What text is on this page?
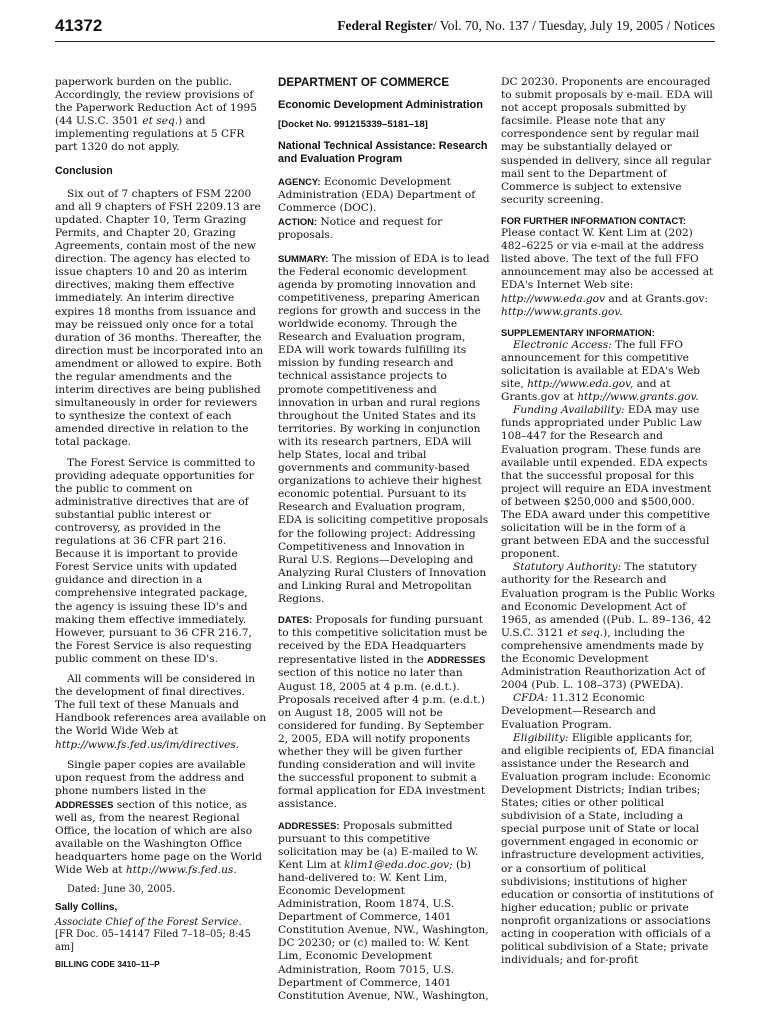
41372	Federal Register/ Vol. 70, No. 137 / Tuesday, July 19, 2005 / Notices

paperwork burden on the public. Accordingly, the review provisions of the Paperwork Reduction Act of 1995 (44 U.S.C. 3501 et seq.) and implementing regulations at 5 CFR part 1320 do not apply.

Conclusion

Six out of 7 chapters of FSM 2200 and all 9 chapters of FSH 2209.13 are updated. Chapter 10, Term Grazing Permits, and Chapter 20, Grazing Agreements, contain most of the new direction. The agency has elected to issue chapters 10 and 20 as interim directives, making them effective immediately. An interim directive expires 18 months from issuance and may be reissued only once for a total duration of 36 months. Thereafter, the direction must be incorporated into an amendment or allowed to expire. Both the regular amendments and the interim directives are being published simultaneously in order for reviewers to synthesize the context of each amended directive in relation to the total package.

The Forest Service is committed to providing adequate opportunities for the public to comment on administrative directives that are of substantial public interest or controversy, as provided in the regulations at 36 CFR part 216. Because it is important to provide Forest Service units with updated guidance and direction in a comprehensive integrated package, the agency is issuing these ID's and making them effective immediately. However, pursuant to 36 CFR 216.7, the Forest Service is also requesting public comment on these ID's.

All comments will be considered in the development of final directives. The full text of these Manuals and Handbook references area available on the World Wide Web at http://www.fs.fed.us/im/directives.

Single paper copies are available upon request from the address and phone numbers listed in the ADDRESSES section of this notice, as well as, from the nearest Regional Office, the location of which are also available on the Washington Office headquarters home page on the World Wide Web at http://www.fs.fed.us.

Dated: June 30, 2005.

Sally Collins,

Associate Chief of the Forest Service.

[FR Doc. 05–14147 Filed 7–18–05; 8:45 am]

BILLING CODE 3410–11–P

DEPARTMENT OF COMMERCE

Economic Development Administration

[Docket No. 991215339–5181–18]

National Technical Assistance: Research and Evaluation Program

AGENCY: Economic Development Administration (EDA) Department of Commerce (DOC).

ACTION: Notice and request for proposals.

SUMMARY: The mission of EDA is to lead the Federal economic development agenda by promoting innovation and competitiveness, preparing American regions for growth and success in the worldwide economy. Through the Research and Evaluation program, EDA will work towards fulfilling its mission by funding research and technical assistance projects to promote competitiveness and innovation in urban and rural regions throughout the United States and its territories. By working in conjunction with its research partners, EDA will help States, local and tribal governments and community-based organizations to achieve their highest economic potential. Pursuant to its Research and Evaluation program, EDA is soliciting competitive proposals for the following project: Addressing Competitiveness and Innovation in Rural U.S. Regions—Developing and Analyzing Rural Clusters of Innovation and Linking Rural and Metropolitan Regions.

DATES: Proposals for funding pursuant to this competitive solicitation must be received by the EDA Headquarters representative listed in the ADDRESSES section of this notice no later than August 18, 2005 at 4 p.m. (e.d.t.). Proposals received after 4 p.m. (e.d.t.) on August 18, 2005 will not be considered for funding. By September 2, 2005, EDA will notify proponents whether they will be given further funding consideration and will invite the successful proponent to submit a formal application for EDA investment assistance.

ADDRESSES: Proposals submitted pursuant to this competitive solicitation may be (a) E-mailed to W. Kent Lim at klim1@eda.doc.gov; (b) hand-delivered to: W. Kent Lim, Economic Development Administration, Room 1874, U.S. Department of Commerce, 1401 Constitution Avenue, NW., Washington, DC 20230; or (c) mailed to: W. Kent Lim, Economic Development Administration, Room 7015, U.S. Department of Commerce, 1401 Constitution Avenue, NW., Washington,

DC 20230. Proponents are encouraged to submit proposals by e-mail. EDA will not accept proposals submitted by facsimile. Please note that any correspondence sent by regular mail may be substantially delayed or suspended in delivery, since all regular mail sent to the Department of Commerce is subject to extensive security screening.

FOR FURTHER INFORMATION CONTACT:

Please contact W. Kent Lim at (202) 482–6225 or via e-mail at the address listed above. The text of the full FFO announcement may also be accessed at EDA's Internet Web site: http://www.eda.gov and at Grants.gov: http://www.grants.gov.

SUPPLEMENTARY INFORMATION:

Electronic Access: The full FFO announcement for this competitive solicitation is available at EDA's Web site, http://www.eda.gov, and at Grants.gov at http://www.grants.gov.

Funding Availability: EDA may use funds appropriated under Public Law 108–447 for the Research and Evaluation program. These funds are available until expended. EDA expects that the successful proposal for this project will require an EDA investment of between $250,000 and $500,000. The EDA award under this competitive solicitation will be in the form of a grant between EDA and the successful proponent.

Statutory Authority: The statutory authority for the Research and Evaluation program is the Public Works and Economic Development Act of 1965, as amended ((Pub. L. 89–136, 42 U.S.C. 3121 et seq.), including the comprehensive amendments made by the Economic Development Administration Reauthorization Act of 2004 (Pub. L. 108–373) (PWEDA).

CFDA: 11.312 Economic Development—Research and Evaluation Program.

Eligibility: Eligible applicants for, and eligible recipients of, EDA financial assistance under the Research and Evaluation program include: Economic Development Districts; Indian tribes; States; cities or other political subdivision of a State, including a special purpose unit of State or local government engaged in economic or infrastructure development activities, or a consortium of political subdivisions; institutions of higher education or consortia of institutions of higher education; public or private nonprofit organizations or associations acting in cooperation with officials of a political subdivision of a State; private individuals; and for-profit
